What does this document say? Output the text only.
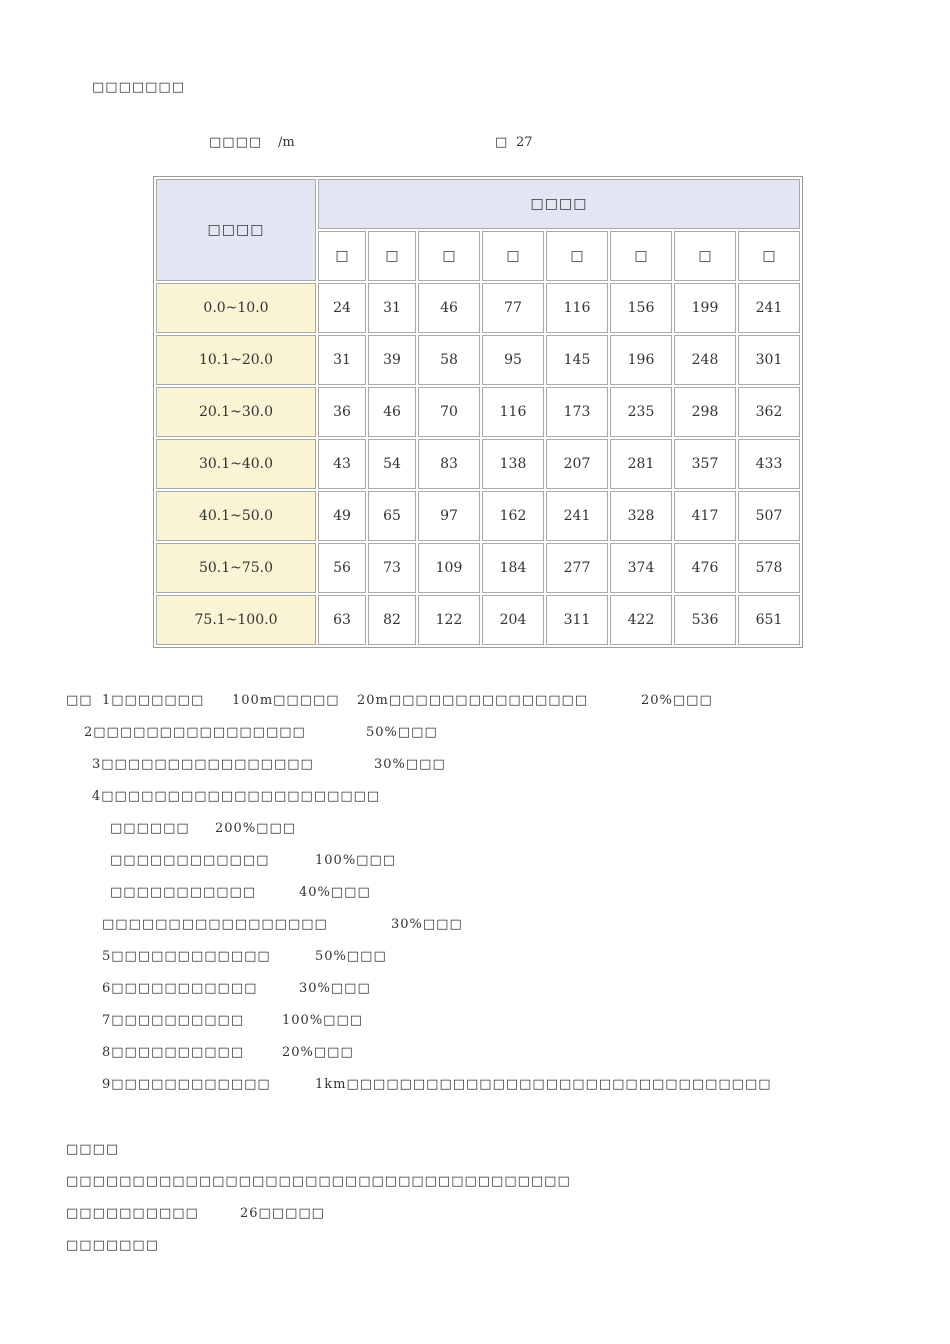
□□□□□□□
□□□□ /m	□ 27
□□□□	□□□□							
	□	□	□	□	□	□	□	□
0.0~10.0	24	31	46	77	116	156	199	241
10.1~20.0	31	39	58	95	145	196	248	301
20.1~30.0	36	46	70	116	173	235	298	362
30.1~40.0	43	54	83	138	207	281	357	433
40.1~50.0	49	65	97	162	241	328	417	507
50.1~75.0	56	73	109	184	277	374	476	578
75.1~100.0	63	82	122	204	311	422	536	651
□□ 1□□□□□□□ 100m□□□□□ 20m□□□□□□□□□□□□□□□	20%□□□
2□□□□□□□□□□□□□□□□	50%□□□
3□□□□□□□□□□□□□□□□	30%□□□
4□□□□□□□□□□□□□□□□□□□□□
□□□□□□ 200%□□□
□□□□□□□□□□□□	100%□□□
□□□□□□□□□□□	40%□□□
□□□□□□□□□□□□□□□□□	30%□□□
5□□□□□□□□□□□□	50%□□□
6□□□□□□□□□□□	30%□□□
7□□□□□□□□□□	100%□□□
8□□□□□□□□□□	20%□□□
9□□□□□□□□□□□□	1km□□□□□□□□□□□□□□□□□□□□□□□□□□□□□□□□
□□□□
□□□□□□□□□□□□□□□□□□□□□□□□□□□□□□□□□□□□□□
□□□□□□□□□□	26□□□□□
□□□□□□□
